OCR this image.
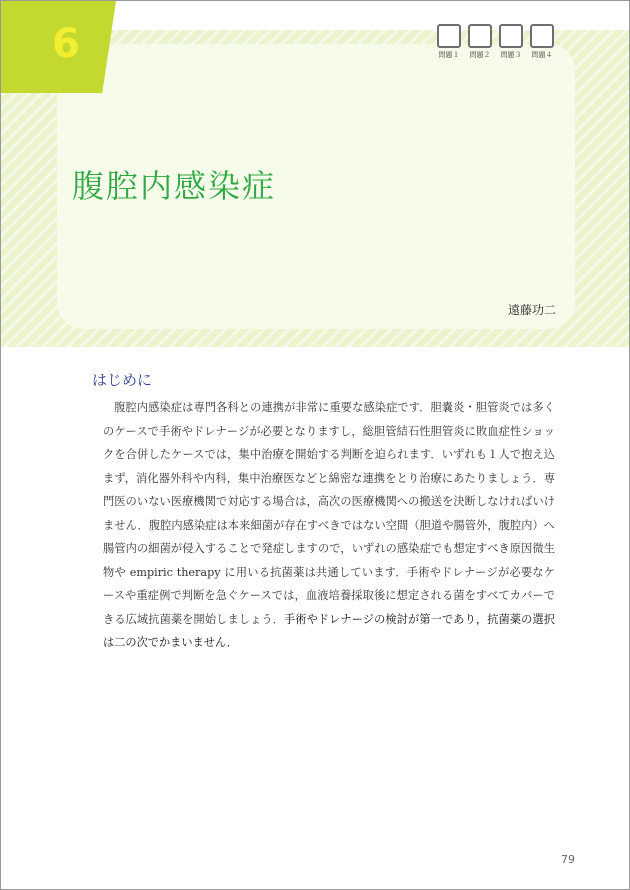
6	問題１ 問題２ 問題３ 問題４
腹腔内感染症
遠藤功二
はじめに

腹腔内感染症は専門各科との連携が非常に重要な感染症です．胆嚢炎・胆管炎では多くのケースで手術やドレナージが必要となりますし，総胆管結石性胆管炎に敗血症性ショックを合併したケースでは，集中治療を開始する判断を迫られます．いずれも１人で抱え込まず，消化器外科や内科，集中治療医などと綿密な連携をとり治療にあたりましょう．専門医のいない医療機関で対応する場合は，高次の医療機関への搬送を決断しなければいけません．腹腔内感染症は本来細菌が存在すべきではない空間（胆道や腸管外，腹腔内）へ腸管内の細菌が侵入することで発症しますので，いずれの感染症でも想定すべき原因微生物や empiric therapy に用いる抗菌薬は共通しています．手術やドレナージが必要なケースや重症例で判断を急ぐケースでは，血液培養採取後に想定される菌をすべてカバーできる広域抗菌薬を開始しましょう．手術やドレナージの検討が第一であり，抗菌薬の選択は二の次でかまいません．

79
